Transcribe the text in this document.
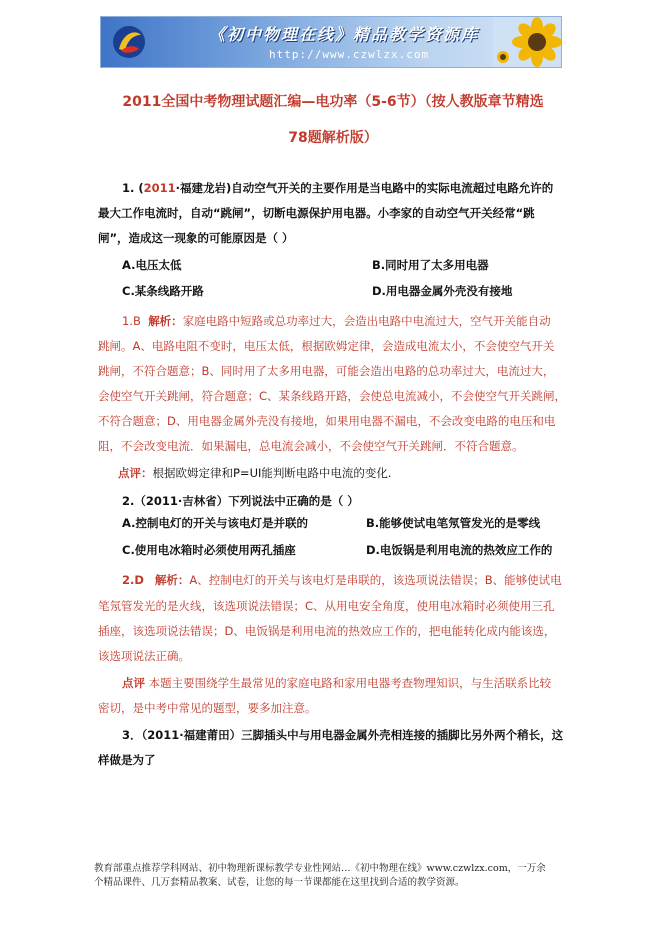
《初中物理在线》精品教学资源库
http://www.czwlzx.com
2011全国中考物理试题汇编—电功率（5-6节）（按人教版章节精选
78题解析版）
1. (2011·福建龙岩)自动空气开关的主要作用是当电路中的实际电流超过电路允许的
最大工作电流时，自动“跳闸”，切断电源保护用电器。小李家的自动空气开关经常“跳
闸”，造成这一现象的可能原因是（ ）
A.电压太低	B.同时用了太多用电器
C.某条线路开路	D.用电器金属外壳没有接地
1.B 解析：家庭电路中短路或总功率过大，会造出电路中电流过大，空气开关能自动
跳闸。A、电路电阻不变时，电压太低，根据欧姆定律，会造成电流太小，不会使空气开关
跳闸，不符合题意；B、同时用了太多用电器，可能会造出电路的总功率过大，电流过大，
会使空气开关跳闸，符合题意；C、某条线路开路，会使总电流减小，不会使空气开关跳闸，
不符合题意；D、用电器金属外壳没有接地，如果用电器不漏电，不会改变电路的电压和电
阻，不会改变电流．如果漏电，总电流会减小，不会使空气开关跳闸．不符合题意。
点评：根据欧姆定律和P=UI能判断电路中电流的变化.
2.（2011·吉林省）下列说法中正确的是（ ）
A.控制电灯的开关与该电灯是并联的	B.能够使试电笔氖管发光的是零线
C.使用电冰箱时必须使用两孔插座	D.电饭锅是利用电流的热效应工作的
2.D 解析：A、控制电灯的开关与该电灯是串联的，该选项说法错误；B、能够使试电
笔氖管发光的是火线，该选项说法错误；C、从用电安全角度，使用电冰箱时必须使用三孔
插座，该选项说法错误；D、电饭锅是利用电流的热效应工作的，把电能转化成内能该选，
该选项说法正确。
点评 本题主要围绕学生最常见的家庭电路和家用电器考查物理知识，与生活联系比较
密切，是中考中常见的题型，要多加注意。
3．（2011·福建莆田）三脚插头中与用电器金属外壳相连接的插脚比另外两个稍长，这
样做是为了
教育部重点推荐学科网站、初中物理新课标教学专业性网站…《初中物理在线》www.czwlzx.com，一万余
个精品课件、几万套精品教案、试卷，让您的每一节课都能在这里找到合适的教学资源。
